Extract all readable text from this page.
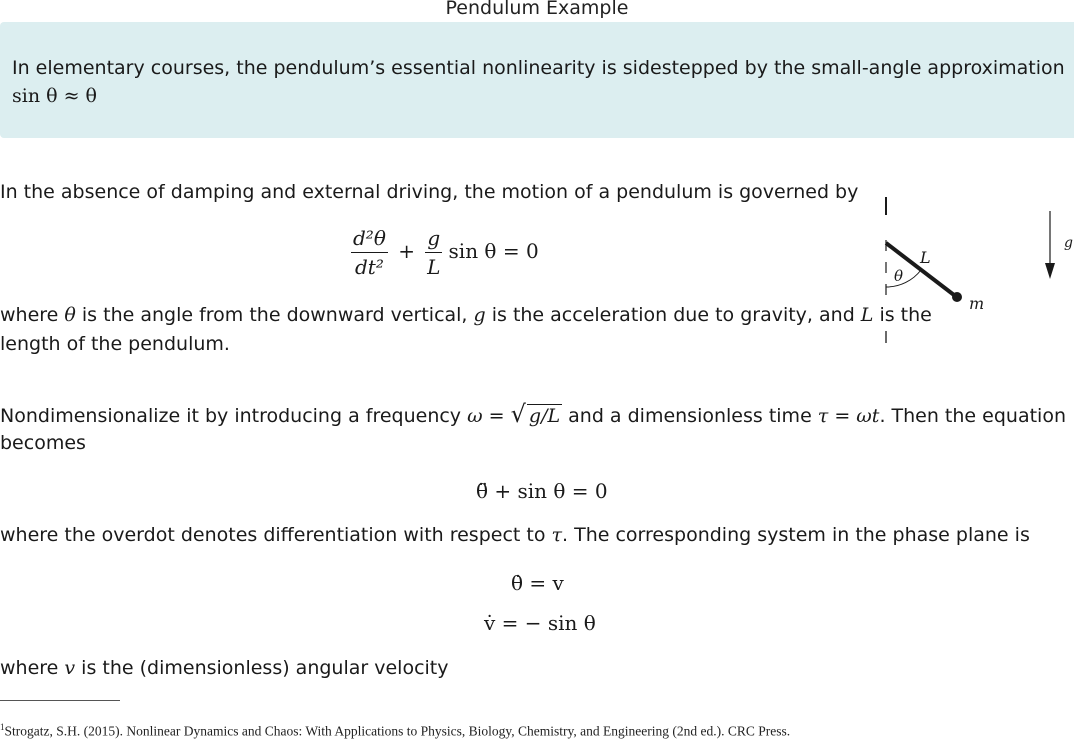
Pendulum Example
In elementary courses, the pendulum’s essential nonlinearity is sidestepped by the small-angle approximation
sin θ ≈ θ
In the absence of damping and external driving, the motion of a pendulum is governed by
$\frac{\text{d²θ}}{\text{dt²}} + \frac{g}{L}$ sin θ = 0
where θ is the angle from the downward vertical, g is the acceleration due to gravity, and L is the
length of the pendulum.
Nondimensionalize it by introducing a frequency ω = √ g/L and a dimensionless time τ = ωt. Then the equation
becomes
θ̈ + sin θ = 0
where the overdot denotes differentiation with respect to τ. The corresponding system in the phase plane is
θ̇ = v
v̇ = − sin θ
where v is the (dimensionless) angular velocity
L
θ
m
g
$^1$Strogatz, S.H. (2015). Nonlinear Dynamics and Chaos: With Applications to Physics, Biology, Chemistry, and Engineering (2nd ed.). CRC Press.
